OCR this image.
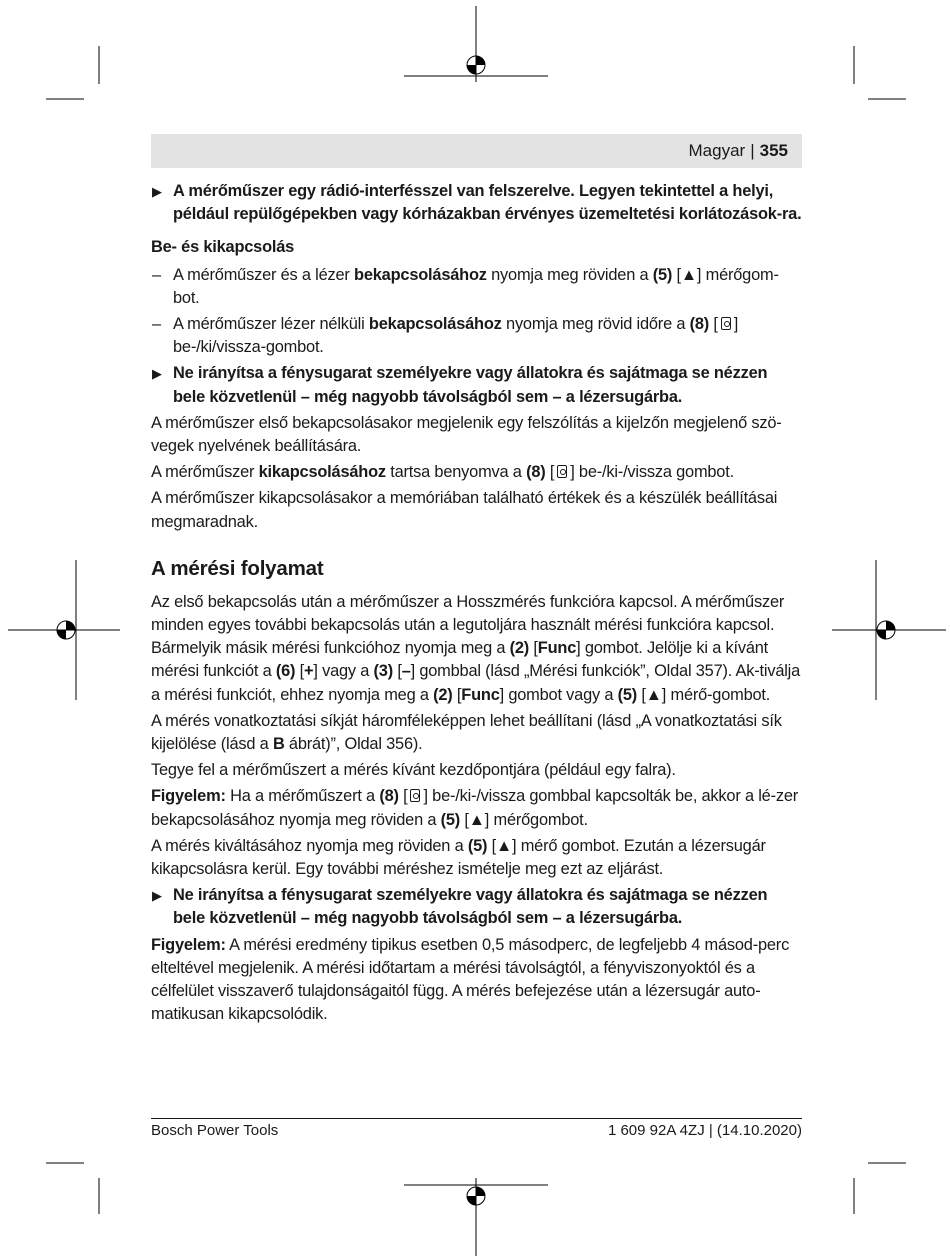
Magyar | 355
▶ A mérőműszer egy rádió-interfésszel van felszerelve. Legyen tekintettel a helyi, például repülőgépekben vagy kórházakban érvényes üzemeltetési korlátozások-ra.
Be- és kikapcsolás
– A mérőműszer és a lézer bekapcsolásához nyomja meg röviden a (5) [▲] mérőgom-bot.
– A mérőműszer lézer nélküli bekapcsolásához nyomja meg rövid időre a (8) [ ] be-/ki/vissza-gombot.
▶ Ne irányítsa a fénysugarat személyekre vagy állatokra és sajátmaga se nézzen bele közvetlenül – még nagyobb távolságból sem – a lézersugárba.

A mérőműszer első bekapcsolásakor megjelenik egy felszólítás a kijelzőn megjelenő szö-vegek nyelvének beállítására.

A mérőműszer kikapcsolásához tartsa benyomva a (8) [ ] be-/ki-/vissza gombot.

A mérőműszer kikapcsolásakor a memóriában található értékek és a készülék beállításai megmaradnak.

A mérési folyamat

Az első bekapcsolás után a mérőműszer a Hosszmérés funkcióra kapcsol. A mérőműszer minden egyes további bekapcsolás után a legutoljára használt mérési funkcióra kapcsol. Bármelyik másik mérési funkcióhoz nyomja meg a (2) [Func] gombot. Jelölje ki a kívánt mérési funkciót a (6) [+] vagy a (3) [–] gombbal (lásd „Mérési funkciók”, Oldal 357). Ak-tiválja a mérési funkciót, ehhez nyomja meg a (2) [Func] gombot vagy a (5) [▲] mérő-gombot.

A mérés vonatkoztatási síkját háromféleképpen lehet beállítani (lásd „A vonatkoztatási sík kijelölése (lásd a B ábrát)”, Oldal 356).

Tegye fel a mérőműszert a mérés kívánt kezdőpontjára (például egy falra).

Figyelem: Ha a mérőműszert a (8) [ ] be-/ki-/vissza gombbal kapcsolták be, akkor a lé-zer bekapcsolásához nyomja meg röviden a (5) [▲] mérőgombot.

A mérés kiváltásához nyomja meg röviden a (5) [▲] mérő gombot. Ezután a lézersugár kikapcsolásra kerül. Egy további méréshez ismételje meg ezt az eljárást.

▶ Ne irányítsa a fénysugarat személyekre vagy állatokra és sajátmaga se nézzen bele közvetlenül – még nagyobb távolságból sem – a lézersugárba.

Figyelem: A mérési eredmény tipikus esetben 0,5 másodperc, de legfeljebb 4 másod-perc elteltével megjelenik. A mérési időtartam a mérési távolságtól, a fényviszonyoktól és a célfelület visszaverő tulajdonságaitól függ. A mérés befejezése után a lézersugár auto-matikusan kikapcsolódik.

Bosch Power Tools	1 609 92A 4ZJ | (14.10.2020)
